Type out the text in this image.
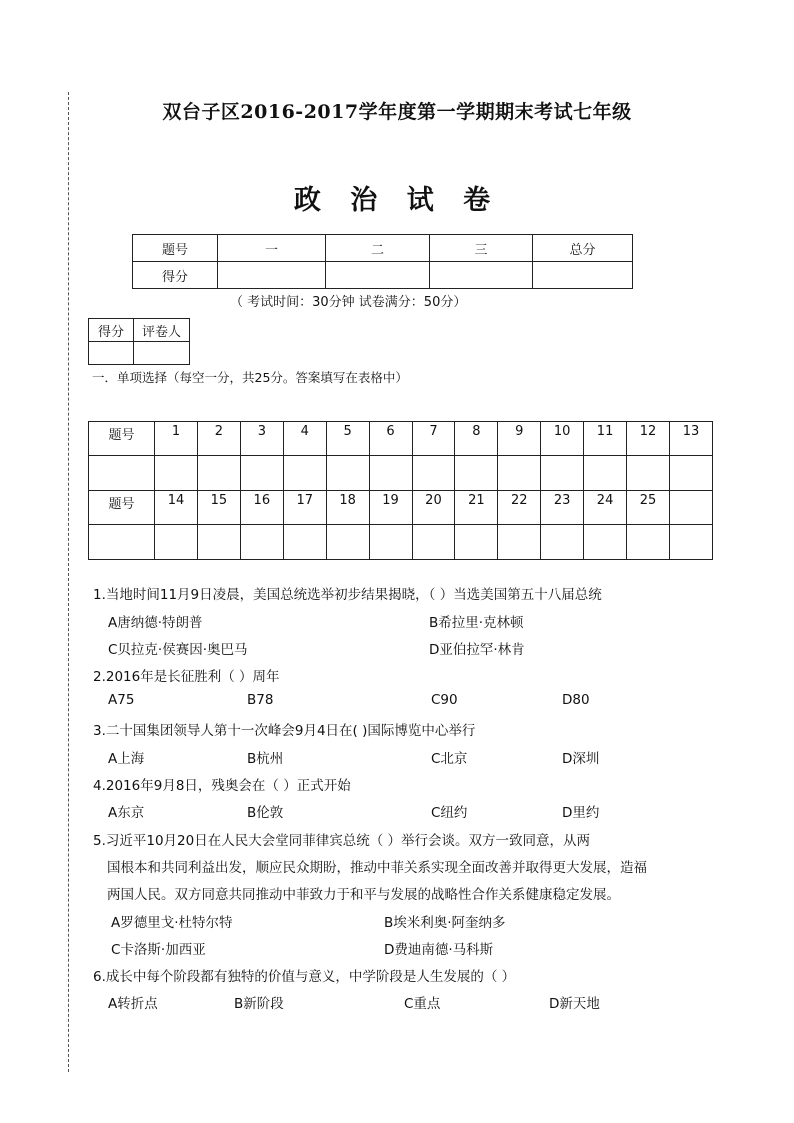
双台子区2016-2017学年度第一学期期末考试七年级
政 治 试 卷
题号	一	二	三	总分
得分				
（ 考试时间：30分钟 试卷满分：50分）
得分	评卷人

一．单项选择（每空一分，共25分。答案填写在表格中）
题号	1	2	3	4	5	6	7	8	9	10	11	12	13

题号	14	15	16	17	18	19	20	21	22	23	24	25	

1.当地时间11月9日凌晨，美国总统选举初步结果揭晓，（ ）当选美国第五十八届总统
A唐纳德·特朗普	B希拉里·克林顿
C贝拉克·侯赛因·奥巴马	D亚伯拉罕·林肯
2.2016年是长征胜利（ ）周年
A75	B78	C90	D80
3.二十国集团领导人第十一次峰会9月4日在( )国际博览中心举行
A上海	B杭州	C北京	D深圳
4.2016年9月8日，残奥会在（ ）正式开始
A东京	B伦敦	C纽约	D里约
5.习近平10月20日在人民大会堂同菲律宾总统（ ）举行会谈。双方一致同意，从两
国根本和共同利益出发，顺应民众期盼，推动中菲关系实现全面改善并取得更大发展，造福
两国人民。双方同意共同推动中菲致力于和平与发展的战略性合作关系健康稳定发展。
A罗德里戈·杜特尔特	B埃米利奥·阿奎纳多
C卡洛斯·加西亚	D费迪南德·马科斯
6.成长中每个阶段都有独特的价值与意义，中学阶段是人生发展的（ ）
A转折点	B新阶段	C重点	D新天地
